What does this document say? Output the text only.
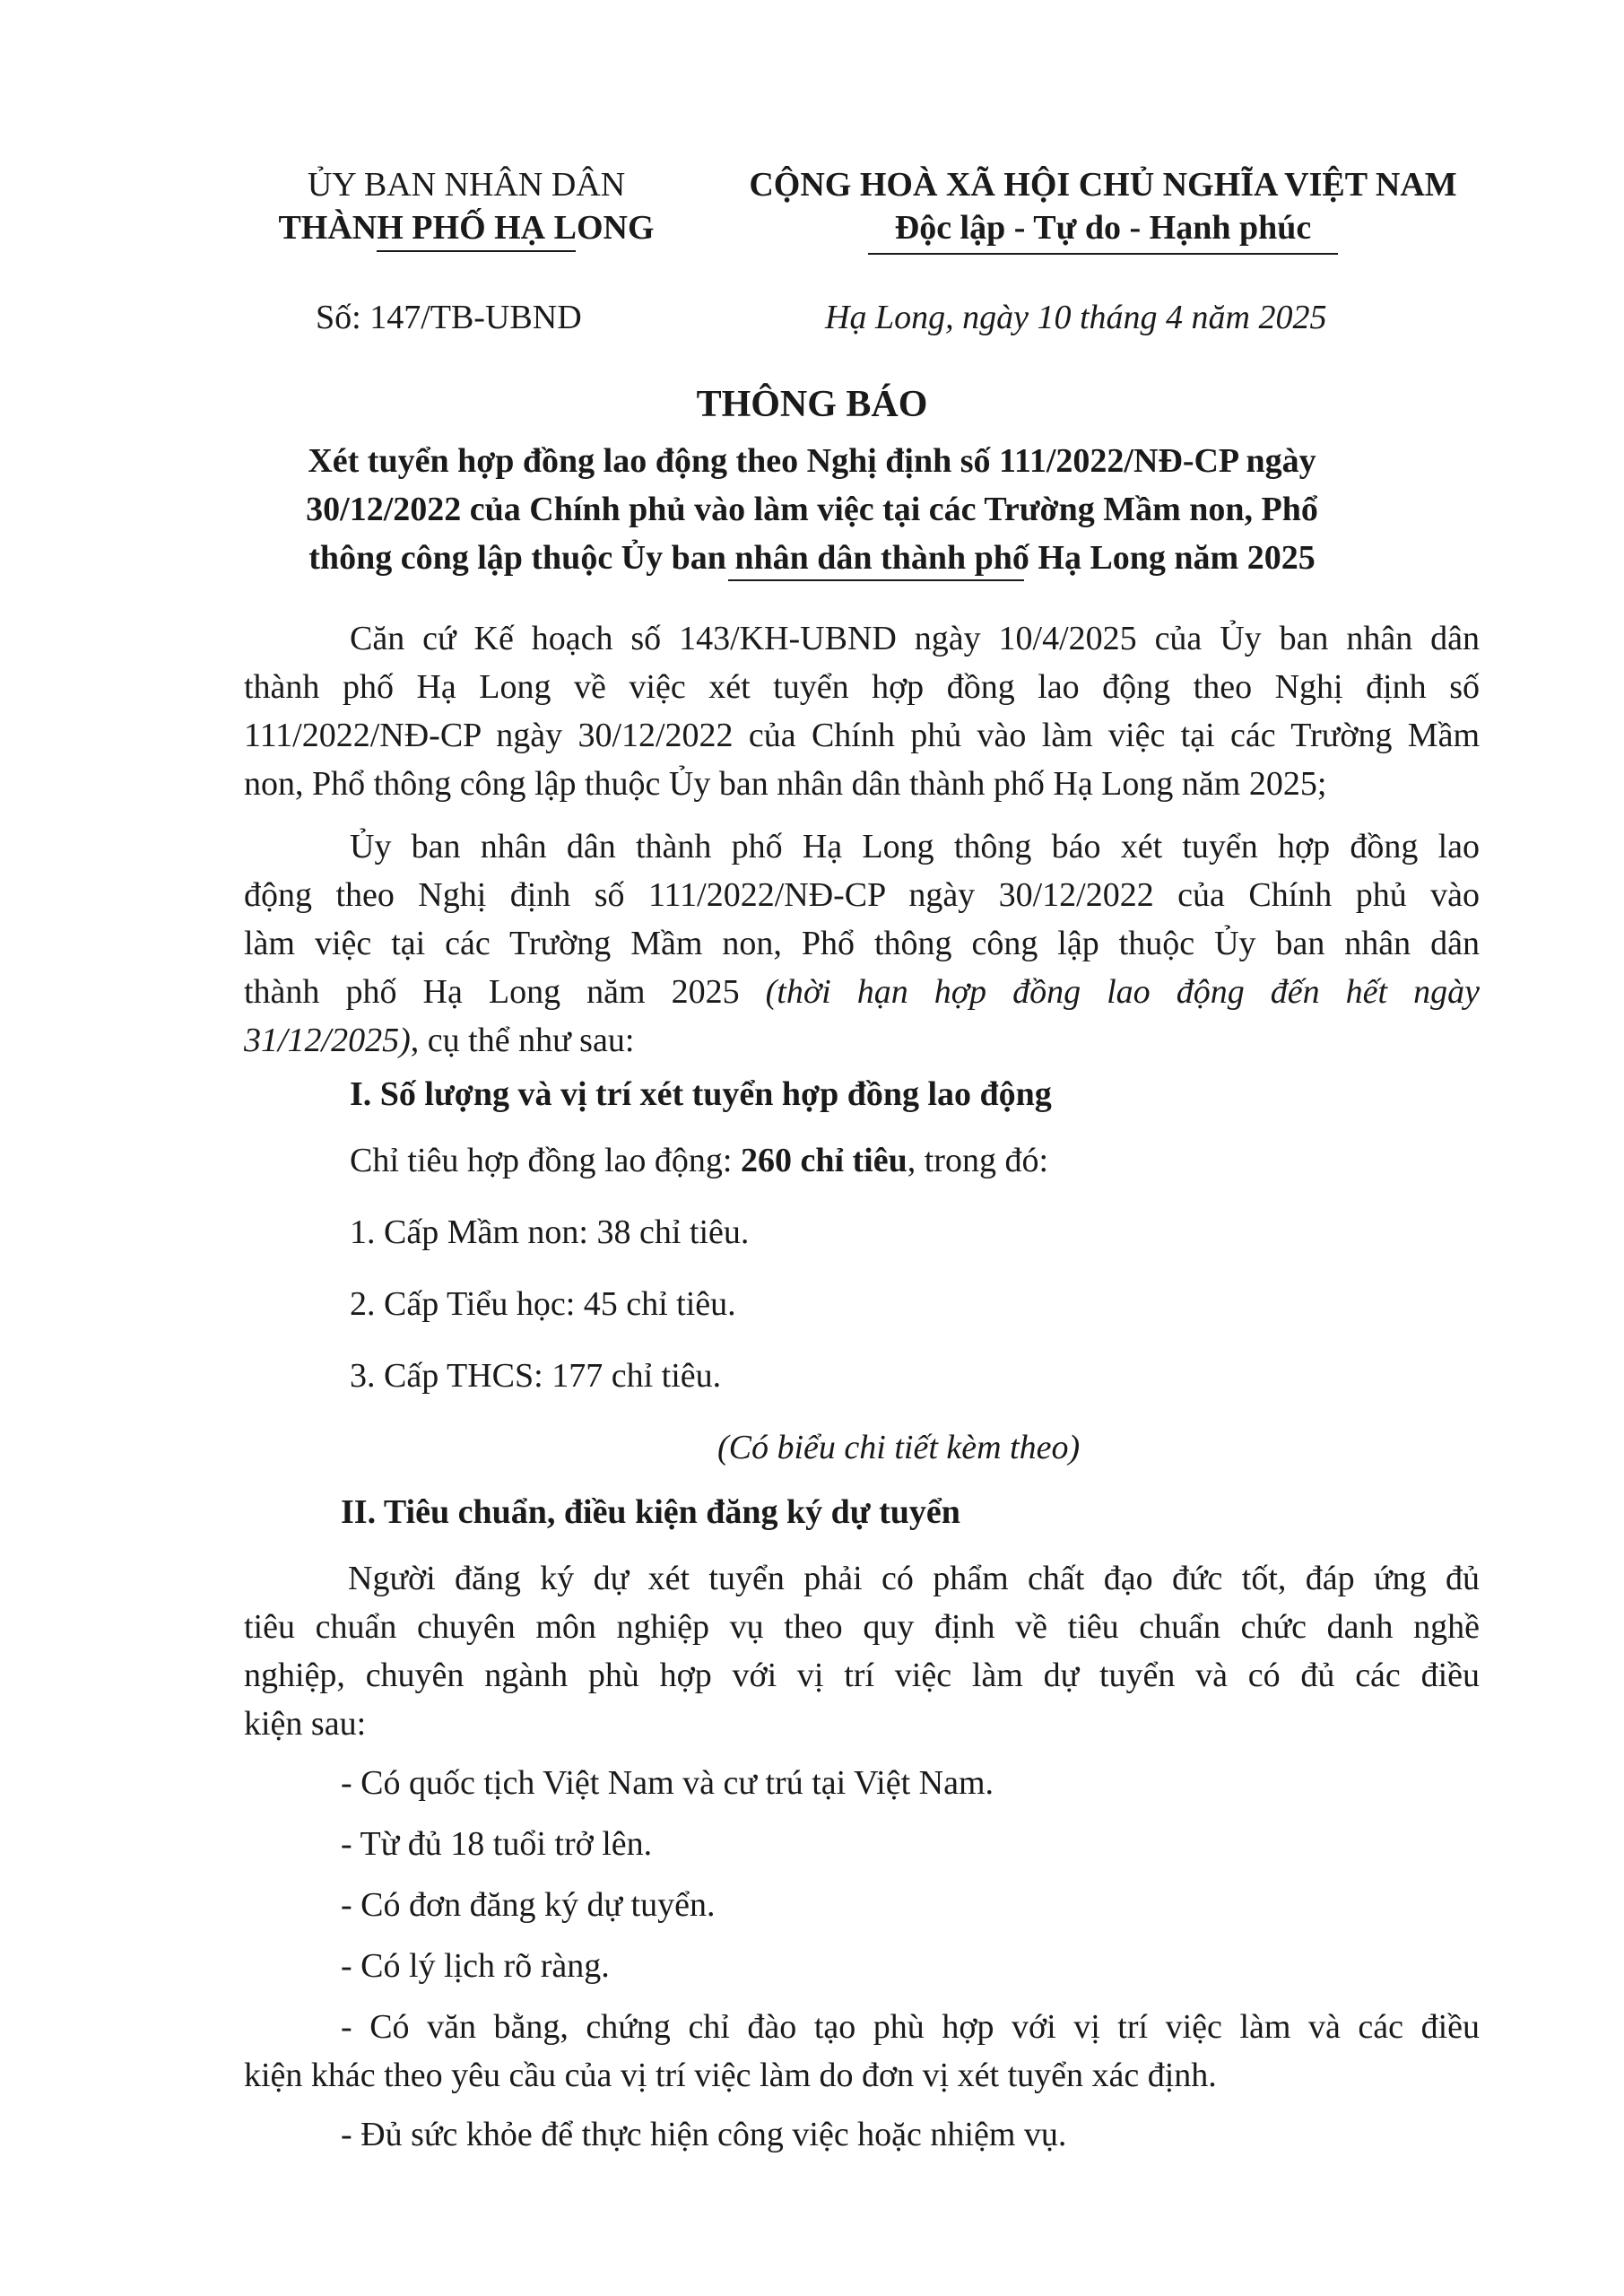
ỦY BAN NHÂN DÂN
THÀNH PHỐ HẠ LONG
CỘNG HOÀ XÃ HỘI CHỦ NGHĨA VIỆT NAM
Độc lập - Tự do - Hạnh phúc
Số: 147/TB-UBND	Hạ Long, ngày 10 tháng 4 năm 2025
THÔNG BÁO
Xét tuyển hợp đồng lao động theo Nghị định số 111/2022/NĐ-CP ngày
30/12/2022 của Chính phủ vào làm việc tại các Trường Mầm non, Phổ
thông công lập thuộc Ủy ban nhân dân thành phố Hạ Long năm 2025
Căn cứ Kế hoạch số 143/KH-UBND ngày 10/4/2025 của Ủy ban nhân dân
thành phố Hạ Long về việc xét tuyển hợp đồng lao động theo Nghị định số
111/2022/NĐ-CP ngày 30/12/2022 của Chính phủ vào làm việc tại các Trường Mầm
non, Phổ thông công lập thuộc Ủy ban nhân dân thành phố Hạ Long năm 2025;
Ủy ban nhân dân thành phố Hạ Long thông báo xét tuyển hợp đồng lao
động theo Nghị định số 111/2022/NĐ-CP ngày 30/12/2022 của Chính phủ vào
làm việc tại các Trường Mầm non, Phổ thông công lập thuộc Ủy ban nhân dân
thành phố Hạ Long năm 2025 (thời hạn hợp đồng lao động đến hết ngày
31/12/2025), cụ thể như sau:
I. Số lượng và vị trí xét tuyển hợp đồng lao động
Chỉ tiêu hợp đồng lao động: 260 chỉ tiêu, trong đó:
1. Cấp Mầm non: 38 chỉ tiêu.
2. Cấp Tiểu học: 45 chỉ tiêu.
3. Cấp THCS: 177 chỉ tiêu.
(Có biểu chi tiết kèm theo)
II. Tiêu chuẩn, điều kiện đăng ký dự tuyển
Người đăng ký dự xét tuyển phải có phẩm chất đạo đức tốt, đáp ứng đủ
tiêu chuẩn chuyên môn nghiệp vụ theo quy định về tiêu chuẩn chức danh nghề
nghiệp, chuyên ngành phù hợp với vị trí việc làm dự tuyển và có đủ các điều
kiện sau:
- Có quốc tịch Việt Nam và cư trú tại Việt Nam.
- Từ đủ 18 tuổi trở lên.
- Có đơn đăng ký dự tuyển.
- Có lý lịch rõ ràng.
- Có văn bằng, chứng chỉ đào tạo phù hợp với vị trí việc làm và các điều
kiện khác theo yêu cầu của vị trí việc làm do đơn vị xét tuyển xác định.
- Đủ sức khỏe để thực hiện công việc hoặc nhiệm vụ.
